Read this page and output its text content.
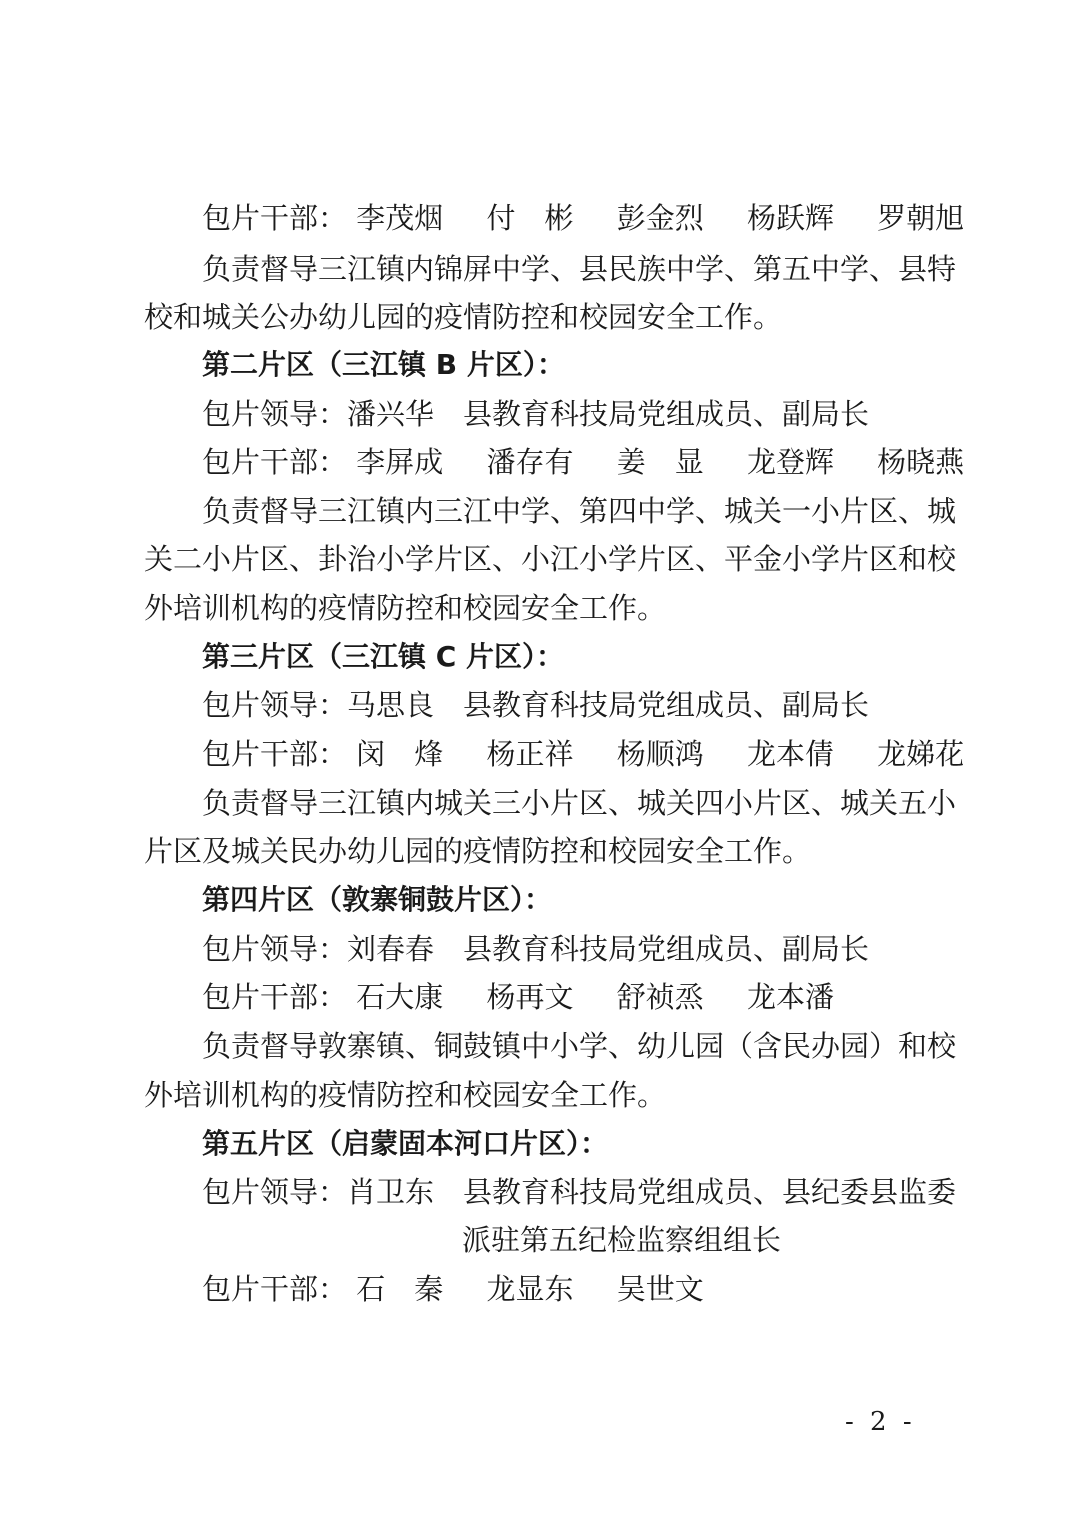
包片干部： 李茂烟 付　彬 彭金烈 杨跃辉 罗朝旭
负责督导三江镇内锦屏中学、县民族中学、第五中学、县特
校和城关公办幼儿园的疫情防控和校园安全工作。
第二片区（三江镇 B 片区）：
包片领导：潘兴华　县教育科技局党组成员、副局长
包片干部： 李屏成 潘存有 姜　显 龙登辉 杨晓燕
负责督导三江镇内三江中学、第四中学、城关一小片区、城
关二小片区、卦治小学片区、小江小学片区、平金小学片区和校
外培训机构的疫情防控和校园安全工作。
第三片区（三江镇 C 片区）：
包片领导：马思良　县教育科技局党组成员、副局长
包片干部： 闵　烽 杨正祥 杨顺鸿 龙本倩 龙娣花
负责督导三江镇内城关三小片区、城关四小片区、城关五小
片区及城关民办幼儿园的疫情防控和校园安全工作。
第四片区（敦寨铜鼓片区）：
包片领导：刘春春　县教育科技局党组成员、副局长
包片干部： 石大康 杨再文 舒祯烝 龙本潘
负责督导敦寨镇、铜鼓镇中小学、幼儿园（含民办园）和校
外培训机构的疫情防控和校园安全工作。
第五片区（启蒙固本河口片区）：
包片领导：肖卫东　县教育科技局党组成员、县纪委县监委
派驻第五纪检监察组组长
包片干部： 石　秦 龙显东 吴世文
- 2 -
